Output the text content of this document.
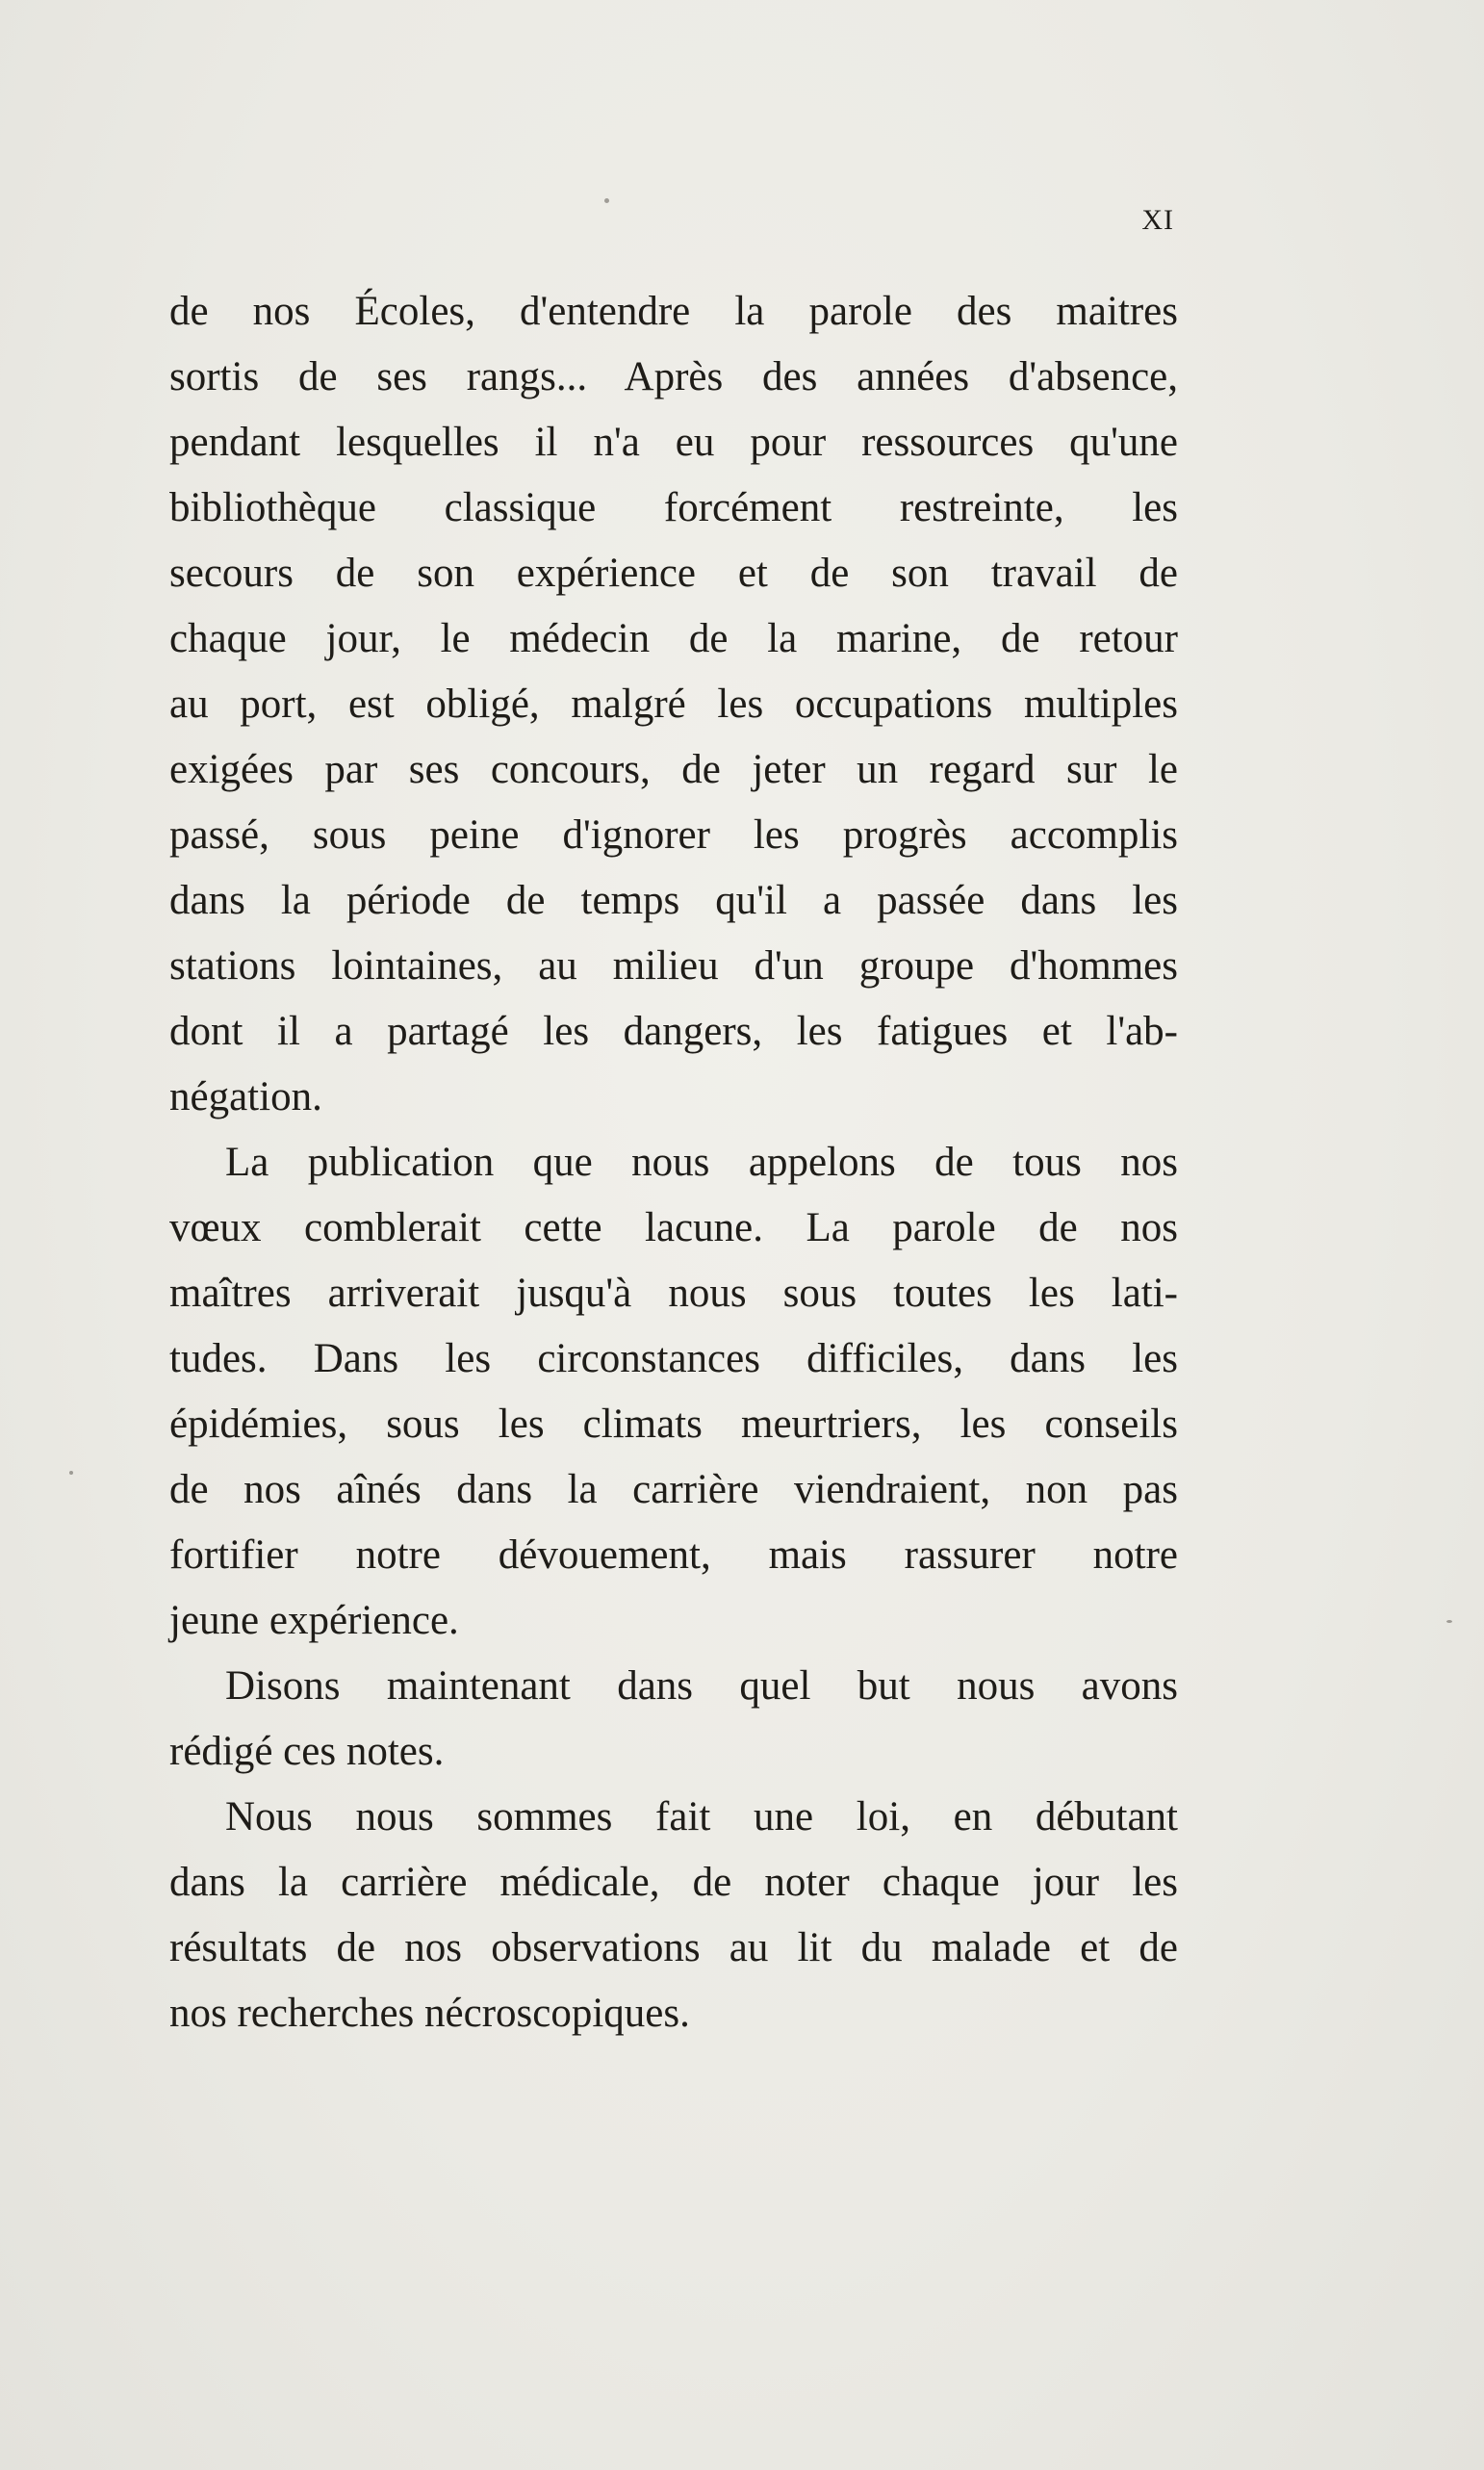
XI
de nos Écoles, d'entendre la parole des maitres
sortis de ses rangs... Après des années d'absence,
pendant lesquelles il n'a eu pour ressources qu'une
bibliothèque classique forcément restreinte, les
secours de son expérience et de son travail de
chaque jour, le médecin de la marine, de retour
au port, est obligé, malgré les occupations multiples
exigées par ses concours, de jeter un regard sur le
passé, sous peine d'ignorer les progrès accomplis
dans la période de temps qu'il a passée dans les
stations lointaines, au milieu d'un groupe d'hommes
dont il a partagé les dangers, les fatigues et l'ab-
négation.
La publication que nous appelons de tous nos
vœux comblerait cette lacune. La parole de nos
maîtres arriverait jusqu'à nous sous toutes les lati-
tudes. Dans les circonstances difficiles, dans les
épidémies, sous les climats meurtriers, les conseils
de nos aînés dans la carrière viendraient, non pas
fortifier notre dévouement, mais rassurer notre
jeune expérience.
Disons maintenant dans quel but nous avons
rédigé ces notes.
Nous nous sommes fait une loi, en débutant
dans la carrière médicale, de noter chaque jour les
résultats de nos observations au lit du malade et de
nos recherches nécroscopiques.
